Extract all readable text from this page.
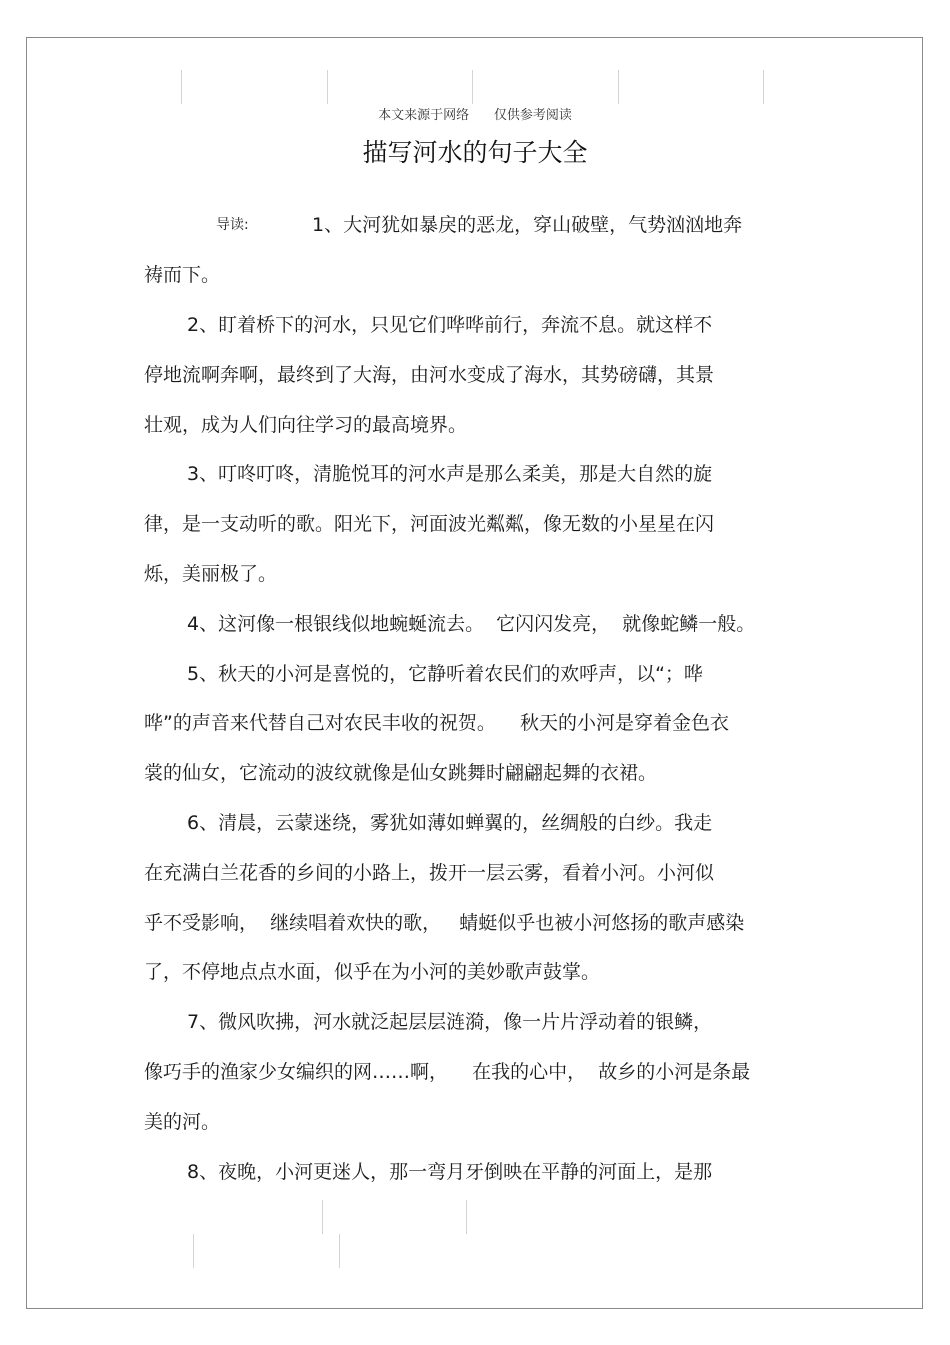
本文来源于网络      仅供参考阅读
描写河水的句子大全
导读:	1、大河犹如暴戾的恶龙，穿山破壁，气势汹汹地奔
祷而下。
2、盯着桥下的河水，只见它们哗哗前行，奔流不息。就这样不
停地流啊奔啊，最终到了大海，由河水变成了海水，其势磅礴，其景
壮观，成为人们向往学习的最高境界。
3、叮咚叮咚，清脆悦耳的河水声是那么柔美，那是大自然的旋
律，是一支动听的歌。阳光下，河面波光粼粼，像无数的小星星在闪
烁，美丽极了。
4、这河像一根银线似地蜿蜒流去。  它闪闪发亮，  就像蛇鳞一般。
5、秋天的小河是喜悦的，它静听着农民们的欢呼声，以“；哗
哗”的声音来代替自己对农民丰收的祝贺。    秋天的小河是穿着金色衣
裳的仙女，它流动的波纹就像是仙女跳舞时翩翩起舞的衣裙。
6、清晨，云蒙迷绕，雾犹如薄如蝉翼的，丝绸般的白纱。我走
在充满白兰花香的乡间的小路上，拨开一层云雾，看着小河。小河似
乎不受影响，  继续唱着欢快的歌，   蜻蜓似乎也被小河悠扬的歌声感染
了，不停地点点水面，似乎在为小河的美妙歌声鼓掌。
7、微风吹拂，河水就泛起层层涟漪，像一片片浮动着的银鳞，
像巧手的渔家少女编织的网……啊，    在我的心中，  故乡的小河是条最
美的河。
8、夜晚，小河更迷人，那一弯月牙倒映在平静的河面上，是那
